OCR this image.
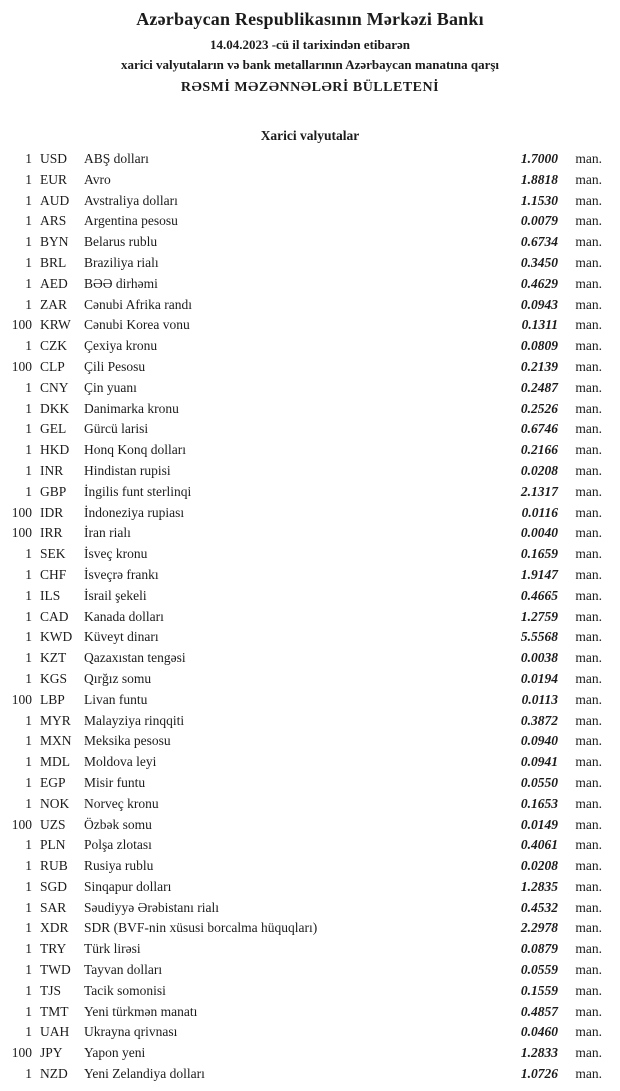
Azərbaycan Respublikasının Mərkəzi Bankı
14.04.2023 -cü il tarixindən etibarən
xarici valyutaların və bank metallarının Azərbaycan manatına qarşı
RƏSMİ MƏZƏNNƏLƏRİ BÜLLETENİ
Xarici valyutalar
1 USD	ABŞ dolları	1.7000	man.
1 EUR	Avro	1.8818	man.
1 AUD	Avstraliya dolları	1.1530	man.
1 ARS	Argentina pesosu	0.0079	man.
1 BYN	Belarus rublu	0.6734	man.
1 BRL	Braziliya rialı	0.3450	man.
1 AED	BƏƏ dirhəmi	0.4629	man.
1 ZAR	Cənubi Afrika randı	0.0943	man.
100 KRW Cənubi Korea vonu	0.1311	man.
1 CZK	Çexiya kronu	0.0809	man.
100 CLP	Çili Pesosu	0.2139	man.
1 CNY	Çin yuanı	0.2487	man.
1 DKK	Danimarka kronu	0.2526	man.
1 GEL	Gürcü larisi	0.6746	man.
1 HKD	Honq Konq dolları	0.2166	man.
1 INR	Hindistan rupisi	0.0208	man.
1 GBP	İngilis funt sterlinqi	2.1317	man.
100 IDR	İndoneziya rupiası	0.0116	man.
100 IRR	İran rialı	0.0040	man.
1 SEK	İsveç kronu	0.1659	man.
1 CHF	İsveçrə frankı	1.9147	man.
1 ILS	İsrail şekeli	0.4665	man.
1 CAD	Kanada dolları	1.2759	man.
1 KWD Küveyt dinarı	5.5568	man.
1 KZT	Qazaxıstan tengəsi	0.0038	man.
1 KGS	Qırğız somu	0.0194	man.
100 LBP	Livan funtu	0.0113	man.
1 MYR Malayziya rinqqiti	0.3872	man.
1 MXN Meksika pesosu	0.0940	man.
1 MDL	Moldova leyi	0.0941	man.
1 EGP	Misir funtu	0.0550	man.
1 NOK	Norveç kronu	0.1653	man.
100 UZS	Özbək somu	0.0149	man.
1 PLN	Polşa zlotası	0.4061	man.
1 RUB	Rusiya rublu	0.0208	man.
1 SGD	Sinqapur dolları	1.2835	man.
1 SAR	Səudiyyə Ərəbistanı rialı	0.4532	man.
1 XDR	SDR (BVF-nin xüsusi borcalma hüquqları)	2.2978	man.
1 TRY	Türk lirəsi	0.0879	man.
1 TWD Tayvan dolları	0.0559	man.
1 TJS	Tacik somonisi	0.1559	man.
1 TMT	Yeni türkmən manatı	0.4857	man.
1 UAH	Ukrayna qrivnası	0.0460	man.
100 JPY	Yapon yeni	1.2833	man.
1 NZD	Yeni Zelandiya dolları	1.0726	man.
